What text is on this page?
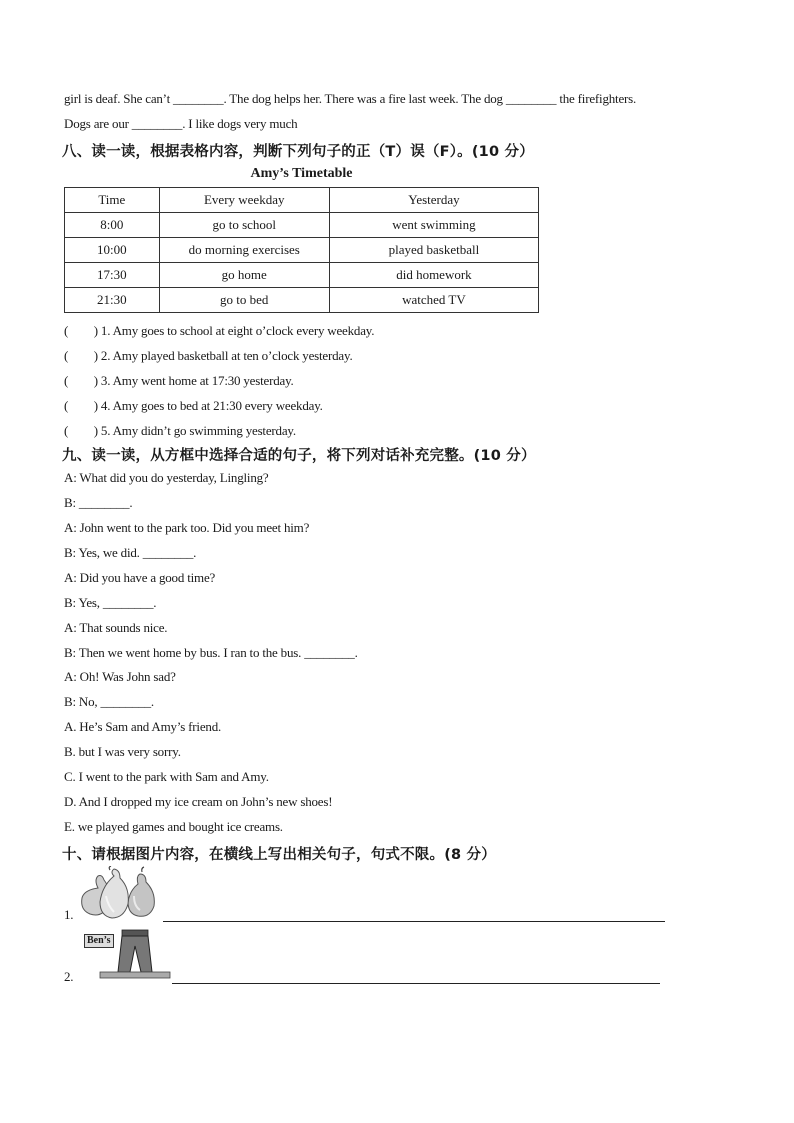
girl is deaf. She can’t ________. The dog helps her. There was a fire last week. The dog ________ the firefighters.
Dogs are our ________. I like dogs very much
八、读一读，根据表格内容，判断下列句子的正（T）误（F）。(10 分）
Amy’s Timetable
Time	Every weekday	Yesterday
8:00	go to school	went swimming
10:00	do morning exercises	played basketball
17:30	go home	did homework
21:30	go to bed	watched TV
(　　) 1. Amy goes to school at eight o’clock every weekday.
(　　) 2. Amy played basketball at ten o’clock yesterday.
(　　) 3. Amy went home at 17:30 yesterday.
(　　) 4. Amy goes to bed at 21:30 every weekday.
(　　) 5. Amy didn’t go swimming yesterday.
九、读一读，从方框中选择合适的句子，将下列对话补充完整。(10 分）
A: What did you do yesterday, Lingling?
B: ________.
A: John went to the park too. Did you meet him?
B: Yes, we did. ________.
A: Did you have a good time?
B: Yes, ________.
A: That sounds nice.
B: Then we went home by bus. I ran to the bus. ________.
A: Oh! Was John sad?
B: No, ________.
A. He’s Sam and Amy’s friend.
B. but I was very sorry.
C. I went to the park with Sam and Amy.
D. And I dropped my ice cream on John’s new shoes!
E. we played games and bought ice creams.
十、请根据图片内容，在横线上写出相关句子，句式不限。(8 分）
1.
2.
Ben’s
